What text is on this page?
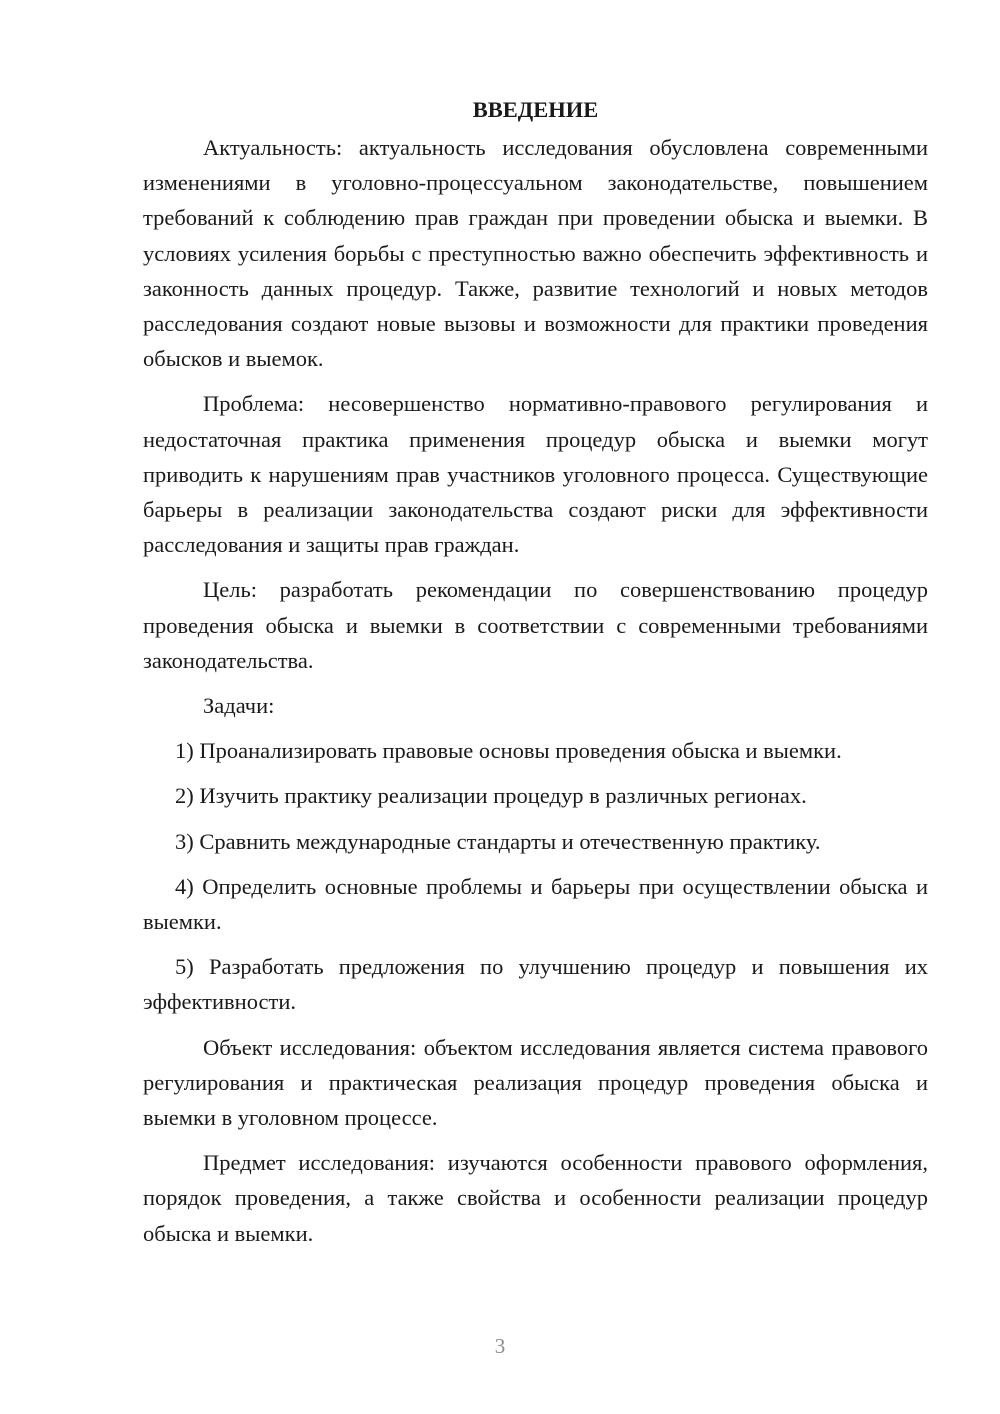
ВВЕДЕНИЕ

Актуальность: актуальность исследования обусловлена современными изменениями в уголовно-процессуальном законодательстве, повышением требований к соблюдению прав граждан при проведении обыска и выемки. В условиях усиления борьбы с преступностью важно обеспечить эффективность и законность данных процедур. Также, развитие технологий и новых методов расследования создают новые вызовы и возможности для практики проведения обысков и выемок.

Проблема: несовершенство нормативно-правового регулирования и недостаточная практика применения процедур обыска и выемки могут приводить к нарушениям прав участников уголовного процесса. Существующие барьеры в реализации законодательства создают риски для эффективности расследования и защиты прав граждан.

Цель: разработать рекомендации по совершенствованию процедур проведения обыска и выемки в соответствии с современными требованиями законодательства.

Задачи:

1) Проанализировать правовые основы проведения обыска и выемки.

2) Изучить практику реализации процедур в различных регионах.

3) Сравнить международные стандарты и отечественную практику.

4) Определить основные проблемы и барьеры при осуществлении обыска и выемки.

5) Разработать предложения по улучшению процедур и повышения их эффективности.

Объект исследования: объектом исследования является система правового регулирования и практическая реализация процедур проведения обыска и выемки в уголовном процессе.

Предмет исследования: изучаются особенности правового оформления, порядок проведения, а также свойства и особенности реализации процедур обыска и выемки.

3
